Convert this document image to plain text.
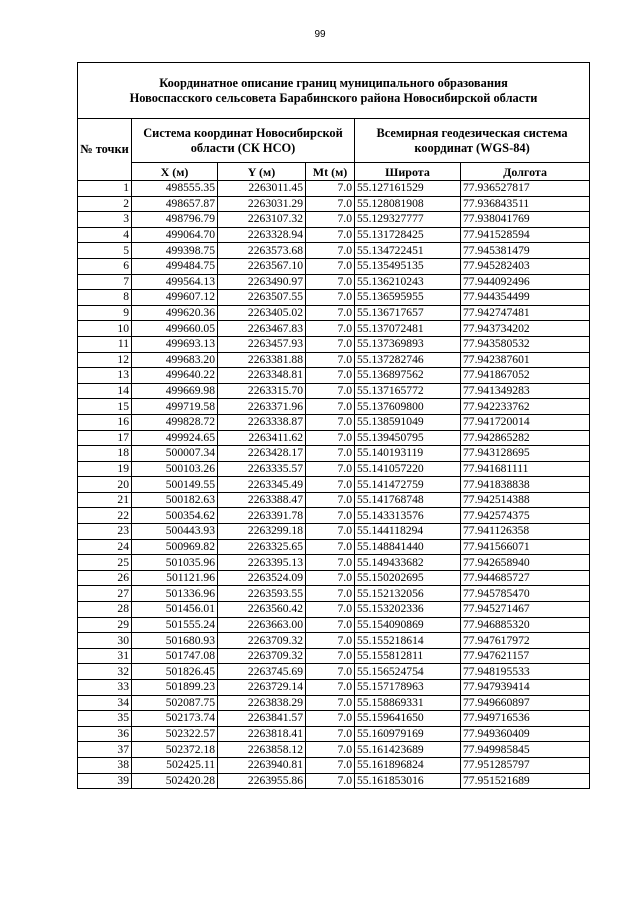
99
Координатное описание границ муниципального образования
Новоспасского сельсовета Барабинского района Новосибирской области					

№ точки	Система координат Новосибирской области (СК НСО)			Всемирная геодезическая система координат (WGS-84)	
	X (м)	Y (м)	Mt (м)	Широта	Долгота
1	498555.35	2263011.45	7.0	55.127161529	77.936527817
2	498657.87	2263031.29	7.0	55.128081908	77.936843511
3	498796.79	2263107.32	7.0	55.129327777	77.938041769
4	499064.70	2263328.94	7.0	55.131728425	77.941528594
5	499398.75	2263573.68	7.0	55.134722451	77.945381479
6	499484.75	2263567.10	7.0	55.135495135	77.945282403
7	499564.13	2263490.97	7.0	55.136210243	77.944092496
8	499607.12	2263507.55	7.0	55.136595955	77.944354499
9	499620.36	2263405.02	7.0	55.136717657	77.942747481
10	499660.05	2263467.83	7.0	55.137072481	77.943734202
11	499693.13	2263457.93	7.0	55.137369893	77.943580532
12	499683.20	2263381.88	7.0	55.137282746	77.942387601
13	499640.22	2263348.81	7.0	55.136897562	77.941867052
14	499669.98	2263315.70	7.0	55.137165772	77.941349283
15	499719.58	2263371.96	7.0	55.137609800	77.942233762
16	499828.72	2263338.87	7.0	55.138591049	77.941720014
17	499924.65	2263411.62	7.0	55.139450795	77.942865282
18	500007.34	2263428.17	7.0	55.140193119	77.943128695
19	500103.26	2263335.57	7.0	55.141057220	77.941681111
20	500149.55	2263345.49	7.0	55.141472759	77.941838838
21	500182.63	2263388.47	7.0	55.141768748	77.942514388
22	500354.62	2263391.78	7.0	55.143313576	77.942574375
23	500443.93	2263299.18	7.0	55.144118294	77.941126358
24	500969.82	2263325.65	7.0	55.148841440	77.941566071
25	501035.96	2263395.13	7.0	55.149433682	77.942658940
26	501121.96	2263524.09	7.0	55.150202695	77.944685727
27	501336.96	2263593.55	7.0	55.152132056	77.945785470
28	501456.01	2263560.42	7.0	55.153202336	77.945271467
29	501555.24	2263663.00	7.0	55.154090869	77.946885320
30	501680.93	2263709.32	7.0	55.155218614	77.947617972
31	501747.08	2263709.32	7.0	55.155812811	77.947621157
32	501826.45	2263745.69	7.0	55.156524754	77.948195533
33	501899.23	2263729.14	7.0	55.157178963	77.947939414
34	502087.75	2263838.29	7.0	55.158869331	77.949660897
35	502173.74	2263841.57	7.0	55.159641650	77.949716536
36	502322.57	2263818.41	7.0	55.160979169	77.949360409
37	502372.18	2263858.12	7.0	55.161423689	77.949985845
38	502425.11	2263940.81	7.0	55.161896824	77.951285797
39	502420.28	2263955.86	7.0	55.161853016	77.951521689
